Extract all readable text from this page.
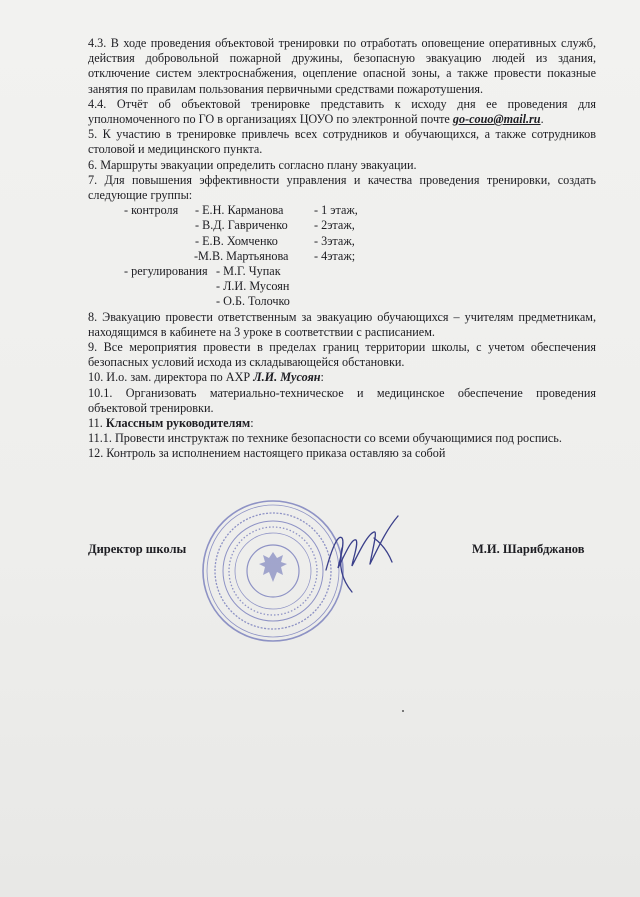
4.3. В ходе проведения объектовой тренировки по отработать оповещение оперативных служб, действия добровольной пожарной дружины, безопасную эвакуацию людей из здания, отключение систем электроснабжения, оцепление опасной зоны, а также провести показные занятия по правилам пользования первичными средствами пожаротушения.

4.4. Отчёт об объектовой тренировке представить к исходу дня ее проведения для уполномоченного по ГО в организациях ЦОУО по электронной почте go-couo@mail.ru.

5. К участию в тренировке привлечь всех сотрудников и обучающихся, а также сотрудников столовой и медицинского пункта.

6. Маршруты эвакуации определить согласно плану эвакуации.

7. Для повышения эффективности управления и качества проведения тренировки, создать следующие группы:

- контроля - Е.Н. Карманова	- 1 этаж,
- В.Д. Гавриченко - 2этаж,
- Е.В. Хомченко	- 3этаж,
-М.В. Мартьянова - 4этаж;
- регулирования - М.Г. Чупак
- Л.И. Мусоян
- О.Б. Толочко

8. Эвакуацию провести ответственным за эвакуацию обучающихся – учителям предметникам, находящимся в кабинете на 3 уроке в соответствии с расписанием.

9. Все мероприятия провести в пределах границ территории школы, с учетом обеспечения безопасных условий исхода из складывающейся обстановки.

10. И.о. зам. директора по АХР Л.И. Мусоян:

10.1. Организовать материально-техническое и медицинское обеспечение проведения объектовой тренировки.

11. Классным руководителям:

11.1. Провести инструктаж по технике безопасности со всеми обучающимися под роспись.

12. Контроль за исполнением настоящего приказа оставляю за собой

Директор школы	М.И. Шарибджанов
